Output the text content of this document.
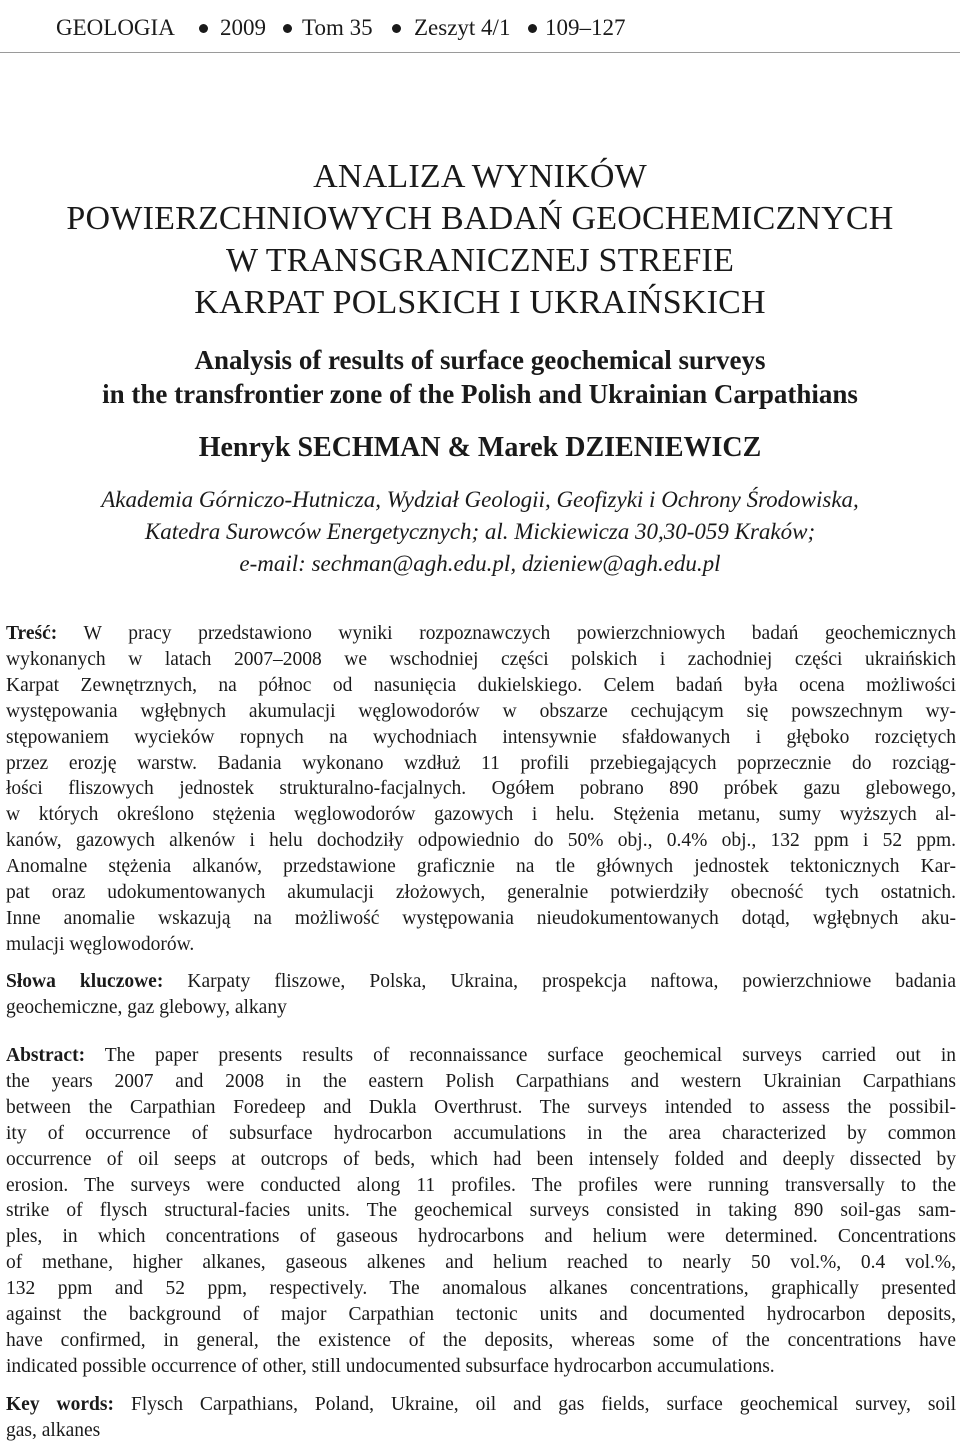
GEOLOGIA 2009 Tom 35 Zeszyt 4/1 109–127
ANALIZA WYNIKÓW
POWIERZCHNIOWYCH BADAŃ GEOCHEMICZNYCH
W TRANSGRANICZNEJ STREFIE
KARPAT POLSKICH I UKRAIŃSKICH
Analysis of results of surface geochemical surveys
in the transfrontier zone of the Polish and Ukrainian Carpathians
Henryk SECHMAN & Marek DZIENIEWICZ
Akademia Górniczo-Hutnicza, Wydział Geologii, Geofizyki i Ochrony Środowiska,
Katedra Surowców Energetycznych; al. Mickiewicza 30,30-059 Kraków;
e-mail: sechman@agh.edu.pl, dzieniew@agh.edu.pl
Treść: W pracy przedstawiono wyniki rozpoznawczych powierzchniowych badań geochemicznych
wykonanych w latach 2007–2008 we wschodniej części polskich i zachodniej części ukraińskich
Karpat Zewnętrznych, na północ od nasunięcia dukielskiego. Celem badań była ocena możliwości
występowania wgłębnych akumulacji węglowodorów w obszarze cechującym się powszechnym wy-
stępowaniem wycieków ropnych na wychodniach intensywnie sfałdowanych i głęboko rozciętych
przez erozję warstw. Badania wykonano wzdłuż 11 profili przebiegających poprzecznie do rozciąg-
łości fliszowych jednostek strukturalno-facjalnych. Ogółem pobrano 890 próbek gazu glebowego,
w których określono stężenia węglowodorów gazowych i helu. Stężenia metanu, sumy wyższych al-
kanów, gazowych alkenów i helu dochodziły odpowiednio do 50% obj., 0.4% obj., 132 ppm i 52 ppm.
Anomalne stężenia alkanów, przedstawione graficznie na tle głównych jednostek tektonicznych Kar-
pat oraz udokumentowanych akumulacji złożowych, generalnie potwierdziły obecność tych ostatnich.
Inne anomalie wskazują na możliwość występowania nieudokumentowanych dotąd, wgłębnych aku-
mulacji węglowodorów.
Słowa kluczowe: Karpaty fliszowe, Polska, Ukraina, prospekcja naftowa, powierzchniowe badania
geochemiczne, gaz glebowy, alkany
Abstract: The paper presents results of reconnaissance surface geochemical surveys carried out in
the years 2007 and 2008 in the eastern Polish Carpathians and western Ukrainian Carpathians
between the Carpathian Foredeep and Dukla Overthrust. The surveys intended to assess the possibil-
ity of occurrence of subsurface hydrocarbon accumulations in the area characterized by common
occurrence of oil seeps at outcrops of beds, which had been intensely folded and deeply dissected by
erosion. The surveys were conducted along 11 profiles. The profiles were running transversally to the
strike of flysch structural-facies units. The geochemical surveys consisted in taking 890 soil-gas sam-
ples, in which concentrations of gaseous hydrocarbons and helium were determined. Concentrations
of methane, higher alkanes, gaseous alkenes and helium reached to nearly 50 vol.%, 0.4 vol.%,
132 ppm and 52 ppm, respectively. The anomalous alkanes concentrations, graphically presented
against the background of major Carpathian tectonic units and documented hydrocarbon deposits,
have confirmed, in general, the existence of the deposits, whereas some of the concentrations have
indicated possible occurrence of other, still undocumented subsurface hydrocarbon accumulations.
Key words: Flysch Carpathians, Poland, Ukraine, oil and gas fields, surface geochemical survey, soil
gas, alkanes
